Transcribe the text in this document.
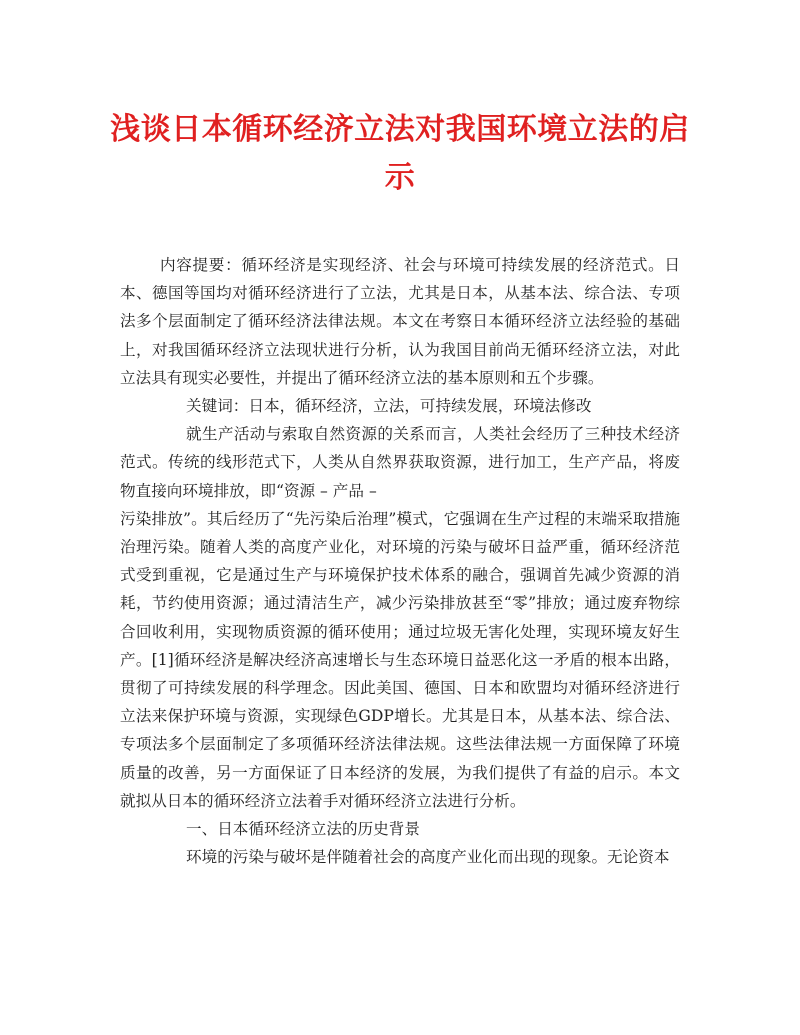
浅谈日本循环经济立法对我国环境立法的启示

内容提要：循环经济是实现经济、社会与环境可持续发展的经济范式。日本、德国等国均对循环经济进行了立法，尤其是日本，从基本法、综合法、专项法多个层面制定了循环经济法律法规。本文在考察日本循环经济立法经验的基础上，对我国循环经济立法现状进行分析，认为我国目前尚无循环经济立法，对此立法具有现实必要性，并提出了循环经济立法的基本原则和五个步骤。

关键词：日本，循环经济，立法，可持续发展，环境法修改

就生产活动与索取自然资源的关系而言，人类社会经历了三种技术经济范式。传统的线形范式下，人类从自然界获取资源，进行加工，生产产品，将废物直接向环境排放，即“资源 – 产品 –

污染排放”。其后经历了“先污染后治理”模式，它强调在生产过程的末端采取措施治理污染。随着人类的高度产业化，对环境的污染与破坏日益严重，循环经济范式受到重视，它是通过生产与环境保护技术体系的融合，强调首先减少资源的消耗，节约使用资源；通过清洁生产，减少污染排放甚至“零”排放；通过废弃物综合回收利用，实现物质资源的循环使用；通过垃圾无害化处理，实现环境友好生产。[1]循环经济是解决经济高速增长与生态环境日益恶化这一矛盾的根本出路，贯彻了可持续发展的科学理念。因此美国、德国、日本和欧盟均对循环经济进行立法来保护环境与资源，实现绿色GDP增长。尤其是日本，从基本法、综合法、专项法多个层面制定了多项循环经济法律法规。这些法律法规一方面保障了环境质量的改善，另一方面保证了日本经济的发展，为我们提供了有益的启示。本文就拟从日本的循环经济立法着手对循环经济立法进行分析。

一、日本循环经济立法的历史背景

环境的污染与破坏是伴随着社会的高度产业化而出现的现象。无论资本
